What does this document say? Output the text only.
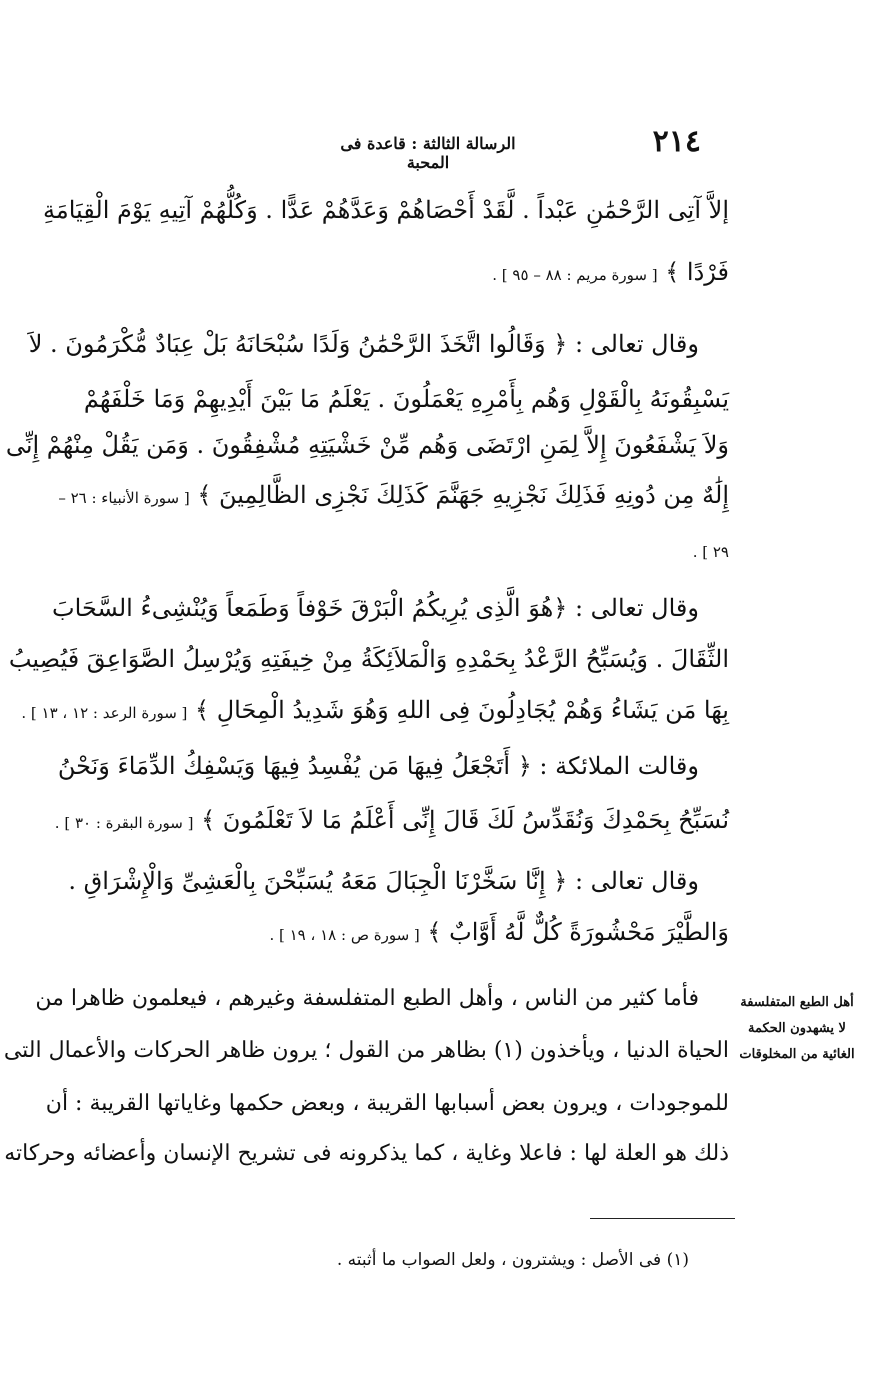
٢١٤
الرسالة الثالثة : قاعدة فى المحبة
إلاَّ آتِى الرَّحْمَٰنِ عَبْداً . لَّقَدْ أَحْصَاهُمْ وَعَدَّهُمْ عَدًّا . وَكُلُّهُمْ آتِيهِ يَوْمَ الْقِيَامَةِ
فَرْدًا ﴾ [ سورة مريم : ٨٨ – ٩٥ ] .
وقال تعالى : ﴿ وَقَالُوا اتَّخَذَ الرَّحْمَٰنُ وَلَدًا سُبْحَانَهُ بَلْ عِبَادٌ مُّكْرَمُونَ . لاَ
يَسْبِقُونَهُ بِالْقَوْلِ وَهُم بِأَمْرِهِ يَعْمَلُونَ . يَعْلَمُ مَا بَيْنَ أَيْدِيهِمْ وَمَا خَلْفَهُمْ
وَلاَ يَشْفَعُونَ إِلاَّ لِمَنِ ارْتَضَى وَهُم مِّنْ خَشْيَتِهِ مُشْفِقُونَ . وَمَن يَقُلْ مِنْهُمْ إِنِّى
إِلَٰهٌ مِن دُونِهِ فَذَلِكَ نَجْزِيهِ جَهَنَّمَ كَذَلِكَ نَجْزِى الظَّالِمِينَ ﴾ [ سورة الأنبياء : ٢٦ –
٢٩ ] .
وقال تعالى : ﴿هُوَ الَّذِى يُرِيكُمُ الْبَرْقَ خَوْفاً وَطَمَعاً وَيُنْشِىءُ السَّحَابَ
الثِّقَالَ . وَيُسَبِّحُ الرَّعْدُ بِحَمْدِهِ وَالْمَلاَئِكَةُ مِنْ خِيفَتِهِ وَيُرْسِلُ الصَّوَاعِقَ فَيُصِيبُ
بِهَا مَن يَشَاءُ وَهُمْ يُجَادِلُونَ فِى اللهِ وَهُوَ شَدِيدُ الْمِحَالِ ﴾ [ سورة الرعد : ١٢ ، ١٣ ] .
وقالت الملائكة : ﴿ أَتَجْعَلُ فِيهَا مَن يُفْسِدُ فِيهَا وَيَسْفِكُ الدِّمَاءَ وَنَحْنُ
نُسَبِّحُ بِحَمْدِكَ وَنُقَدِّسُ لَكَ قَالَ إِنِّى أَعْلَمُ مَا لاَ تَعْلَمُونَ ﴾ [ سورة البقرة : ٣٠ ] .
وقال تعالى : ﴿ إِنَّا سَخَّرْنَا الْجِبَالَ مَعَهُ يُسَبِّحْنَ بِالْعَشِىِّ وَالْإِشْرَاقِ .
وَالطَّيْرَ مَحْشُورَةً كُلٌّ لَّهُ أَوَّابٌ ﴾ [ سورة ص : ١٨ ، ١٩ ] .
أهل الطبع المتفلسفة
لا يشهدون الحكمة
الغائية من المخلوقات
فأما كثير من الناس ، وأهل الطبع المتفلسفة وغيرهم ، فيعلمون ظاهرا من
الحياة الدنيا ، ويأخذون (١) بظاهر من القول ؛ يرون ظاهر الحركات والأعمال التى
للموجودات ، ويرون بعض أسبابها القريبة ، وبعض حكمها وغاياتها القريبة : أن
ذلك هو العلة لها : فاعلا وغاية ، كما يذكرونه فى تشريح الإنسان وأعضائه وحركاته
(١) فى الأصل : ويشترون ، ولعل الصواب ما أثبته .
